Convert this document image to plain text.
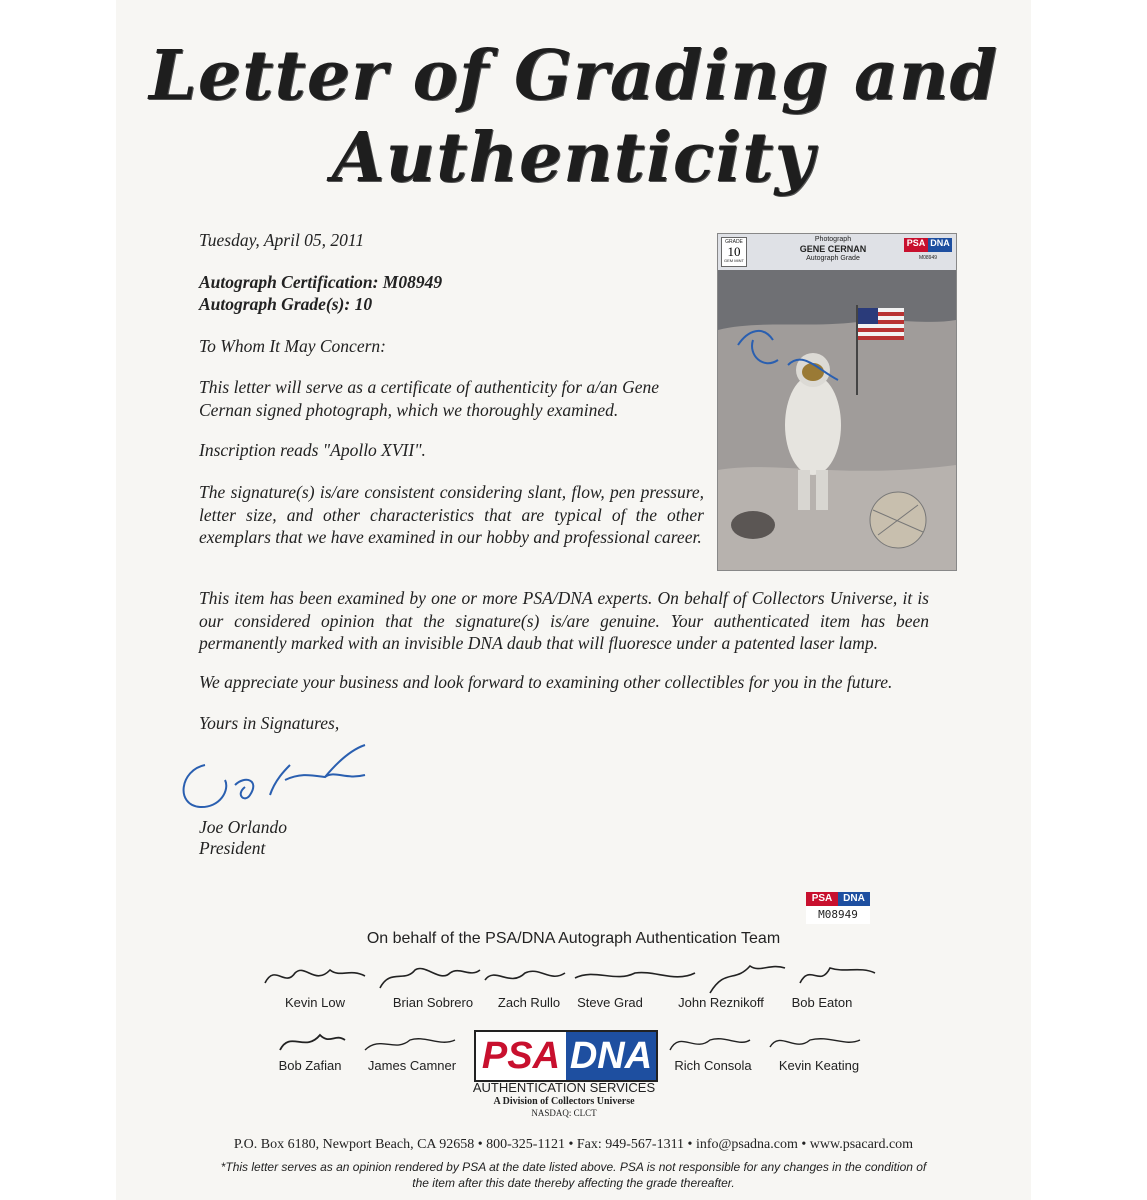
Letter of Grading and
Authenticity
Tuesday, April 05, 2011
Autograph Certification: M08949
Autograph Grade(s): 10
To Whom It May Concern:
This letter will serve as a certificate of authenticity for a/an Gene Cernan signed photograph, which we thoroughly examined.
Inscription reads "Apollo XVII".
The signature(s) is/are consistent considering slant, flow, pen pressure, letter size, and other characteristics that are typical of the other exemplars that we have examined in our hobby and professional career.
This item has been examined by one or more PSA/DNA experts. On behalf of Collectors Universe, it is our considered opinion that the signature(s) is/are genuine. Your authenticated item has been permanently marked with an invisible DNA daub that will fluoresce under a patented laser lamp.
We appreciate your business and look forward to examining other collectibles for you in the future.
Yours in Signatures,
Joe Orlando
President
GRADE
10
GEM MINT
Photograph
GENE CERNAN
Autograph Grade
PSA DNA
M08949
PSA	DNA
M08949
On behalf of the PSA/DNA Autograph Authentication Team
Kevin Low	Brian Sobrero	Zach Rullo	Steve Grad	John Reznikoff	Bob Eaton
Bob Zafian	James Camner	Rich Consola	Kevin Keating
PSA DNA
AUTHENTICATION SERVICES
A Division of Collectors Universe
NASDAQ: CLCT
P.O. Box 6180, Newport Beach, CA 92658 • 800-325-1121 • Fax: 949-567-1311 • info@psadna.com • www.psacard.com
*This letter serves as an opinion rendered by PSA at the date listed above. PSA is not responsible for any changes in the condition of
the item after this date thereby affecting the grade thereafter.
